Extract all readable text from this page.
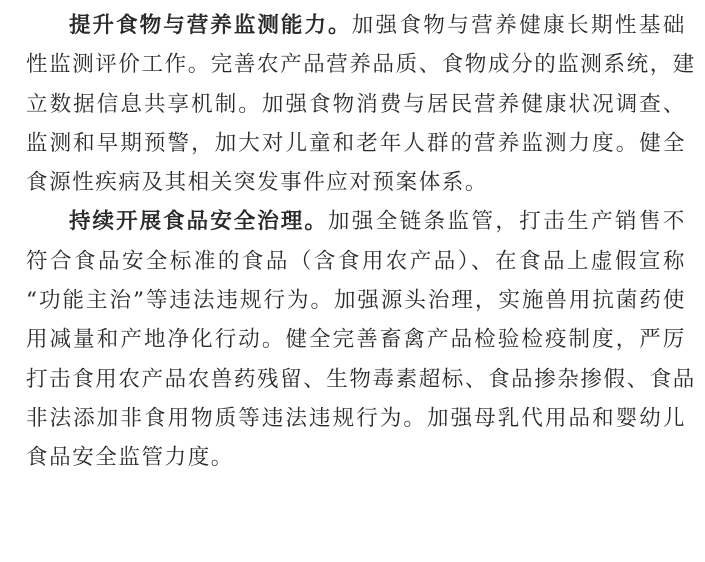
提升食物与营养监测能力。加强食物与营养健康长期性基础
性监测评价工作。完善农产品营养品质、食物成分的监测系统，建
立数据信息共享机制。加强食物消费与居民营养健康状况调查、
监测和早期预警，加大对儿童和老年人群的营养监测力度。健全
食源性疾病及其相关突发事件应对预案体系。

持续开展食品安全治理。加强全链条监管，打击生产销售不
符合食品安全标准的食品（含食用农产品）、在食品上虚假宣称
“功能主治”等违法违规行为。加强源头治理，实施兽用抗菌药使
用减量和产地净化行动。健全完善畜禽产品检验检疫制度，严厉
打击食用农产品农兽药残留、生物毒素超标、食品掺杂掺假、食品
非法添加非食用物质等违法违规行为。加强母乳代用品和婴幼儿
食品安全监管力度。
